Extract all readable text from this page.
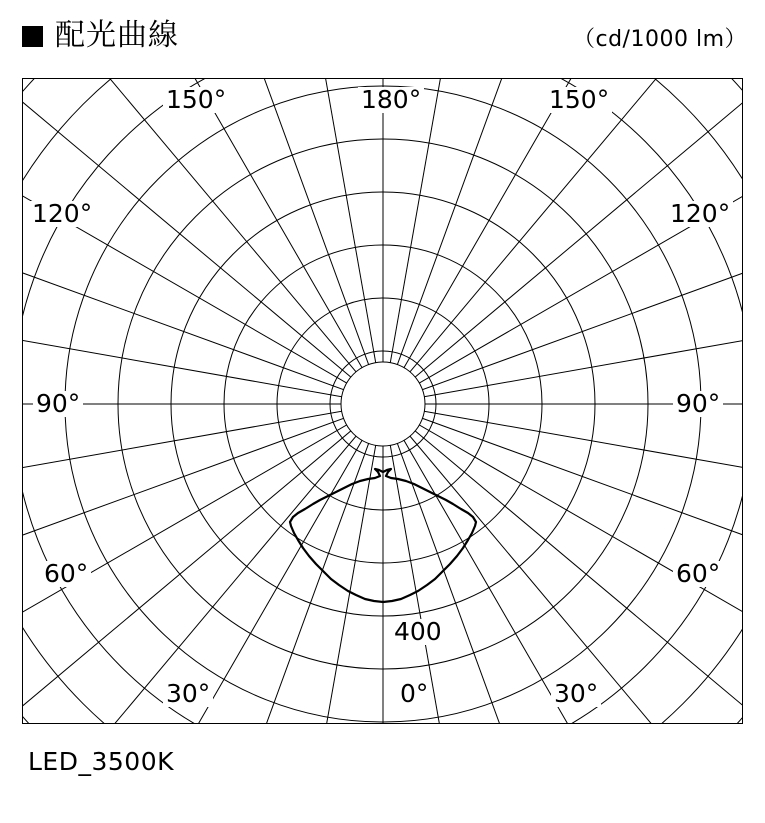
配光曲線	（cd/1000 lm）
150°	180°	150°
120°
90°
60°
30°
120°
90°
60°
30°
0°
400
LED_3500K
